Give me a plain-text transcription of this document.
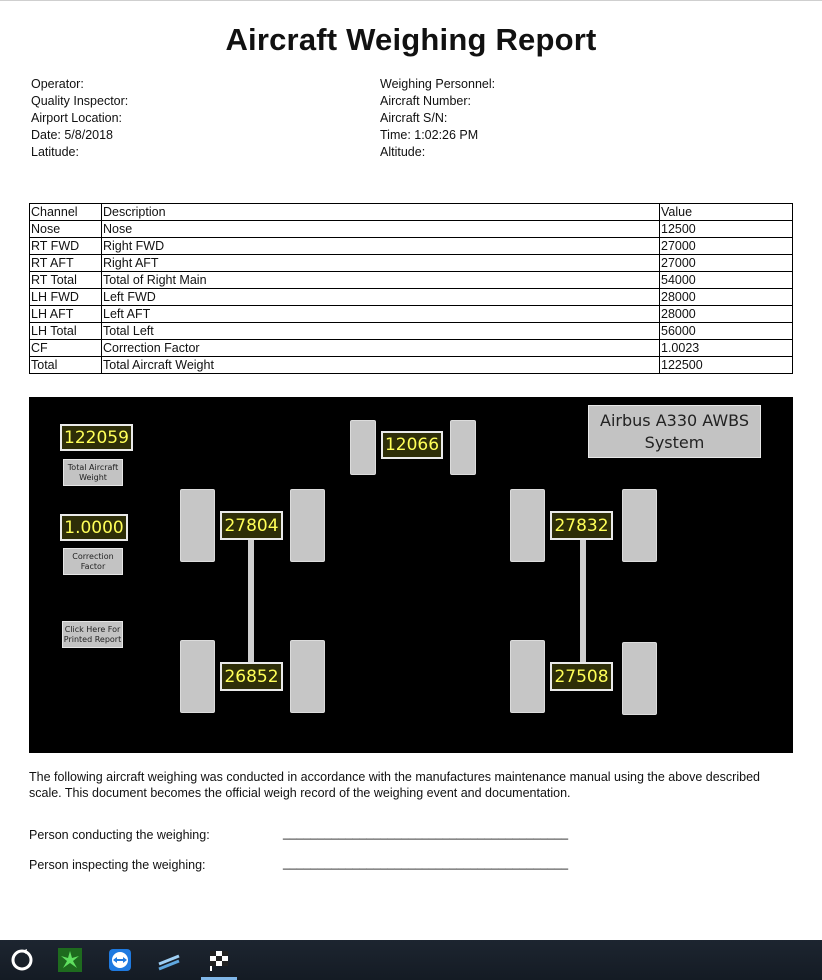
Aircraft Weighing Report
Operator:
Quality Inspector:
Airport Location:
Date: 5/8/2018
Latitude:
Weighing Personnel:
Aircraft Number:
Aircraft S/N:
Time: 1:02:26 PM
Altitude:
Channel	Description	Value
Nose	Nose	12500
RT FWD	Right FWD	27000
RT AFT	Right AFT	27000
RT Total	Total of Right Main	54000
LH FWD	Left FWD	28000
LH AFT	Left AFT	28000
LH Total	Total Left	56000
CF	Correction Factor	1.0023
Total	Total Aircraft Weight	122500
122059
Total Aircraft
Weight
1.0000
Correction
Factor
Click Here For
Printed Report
12066
27804
26852
27832
27508
Airbus A330 AWBS
System
The following aircraft weighing was conducted in accordance with the manufactures maintenance manual using the above described scale. This document becomes the official weigh record of the weighing event and documentation.
Person conducting the weighing:	_________________________________________
Person inspecting the weighing:	_________________________________________
